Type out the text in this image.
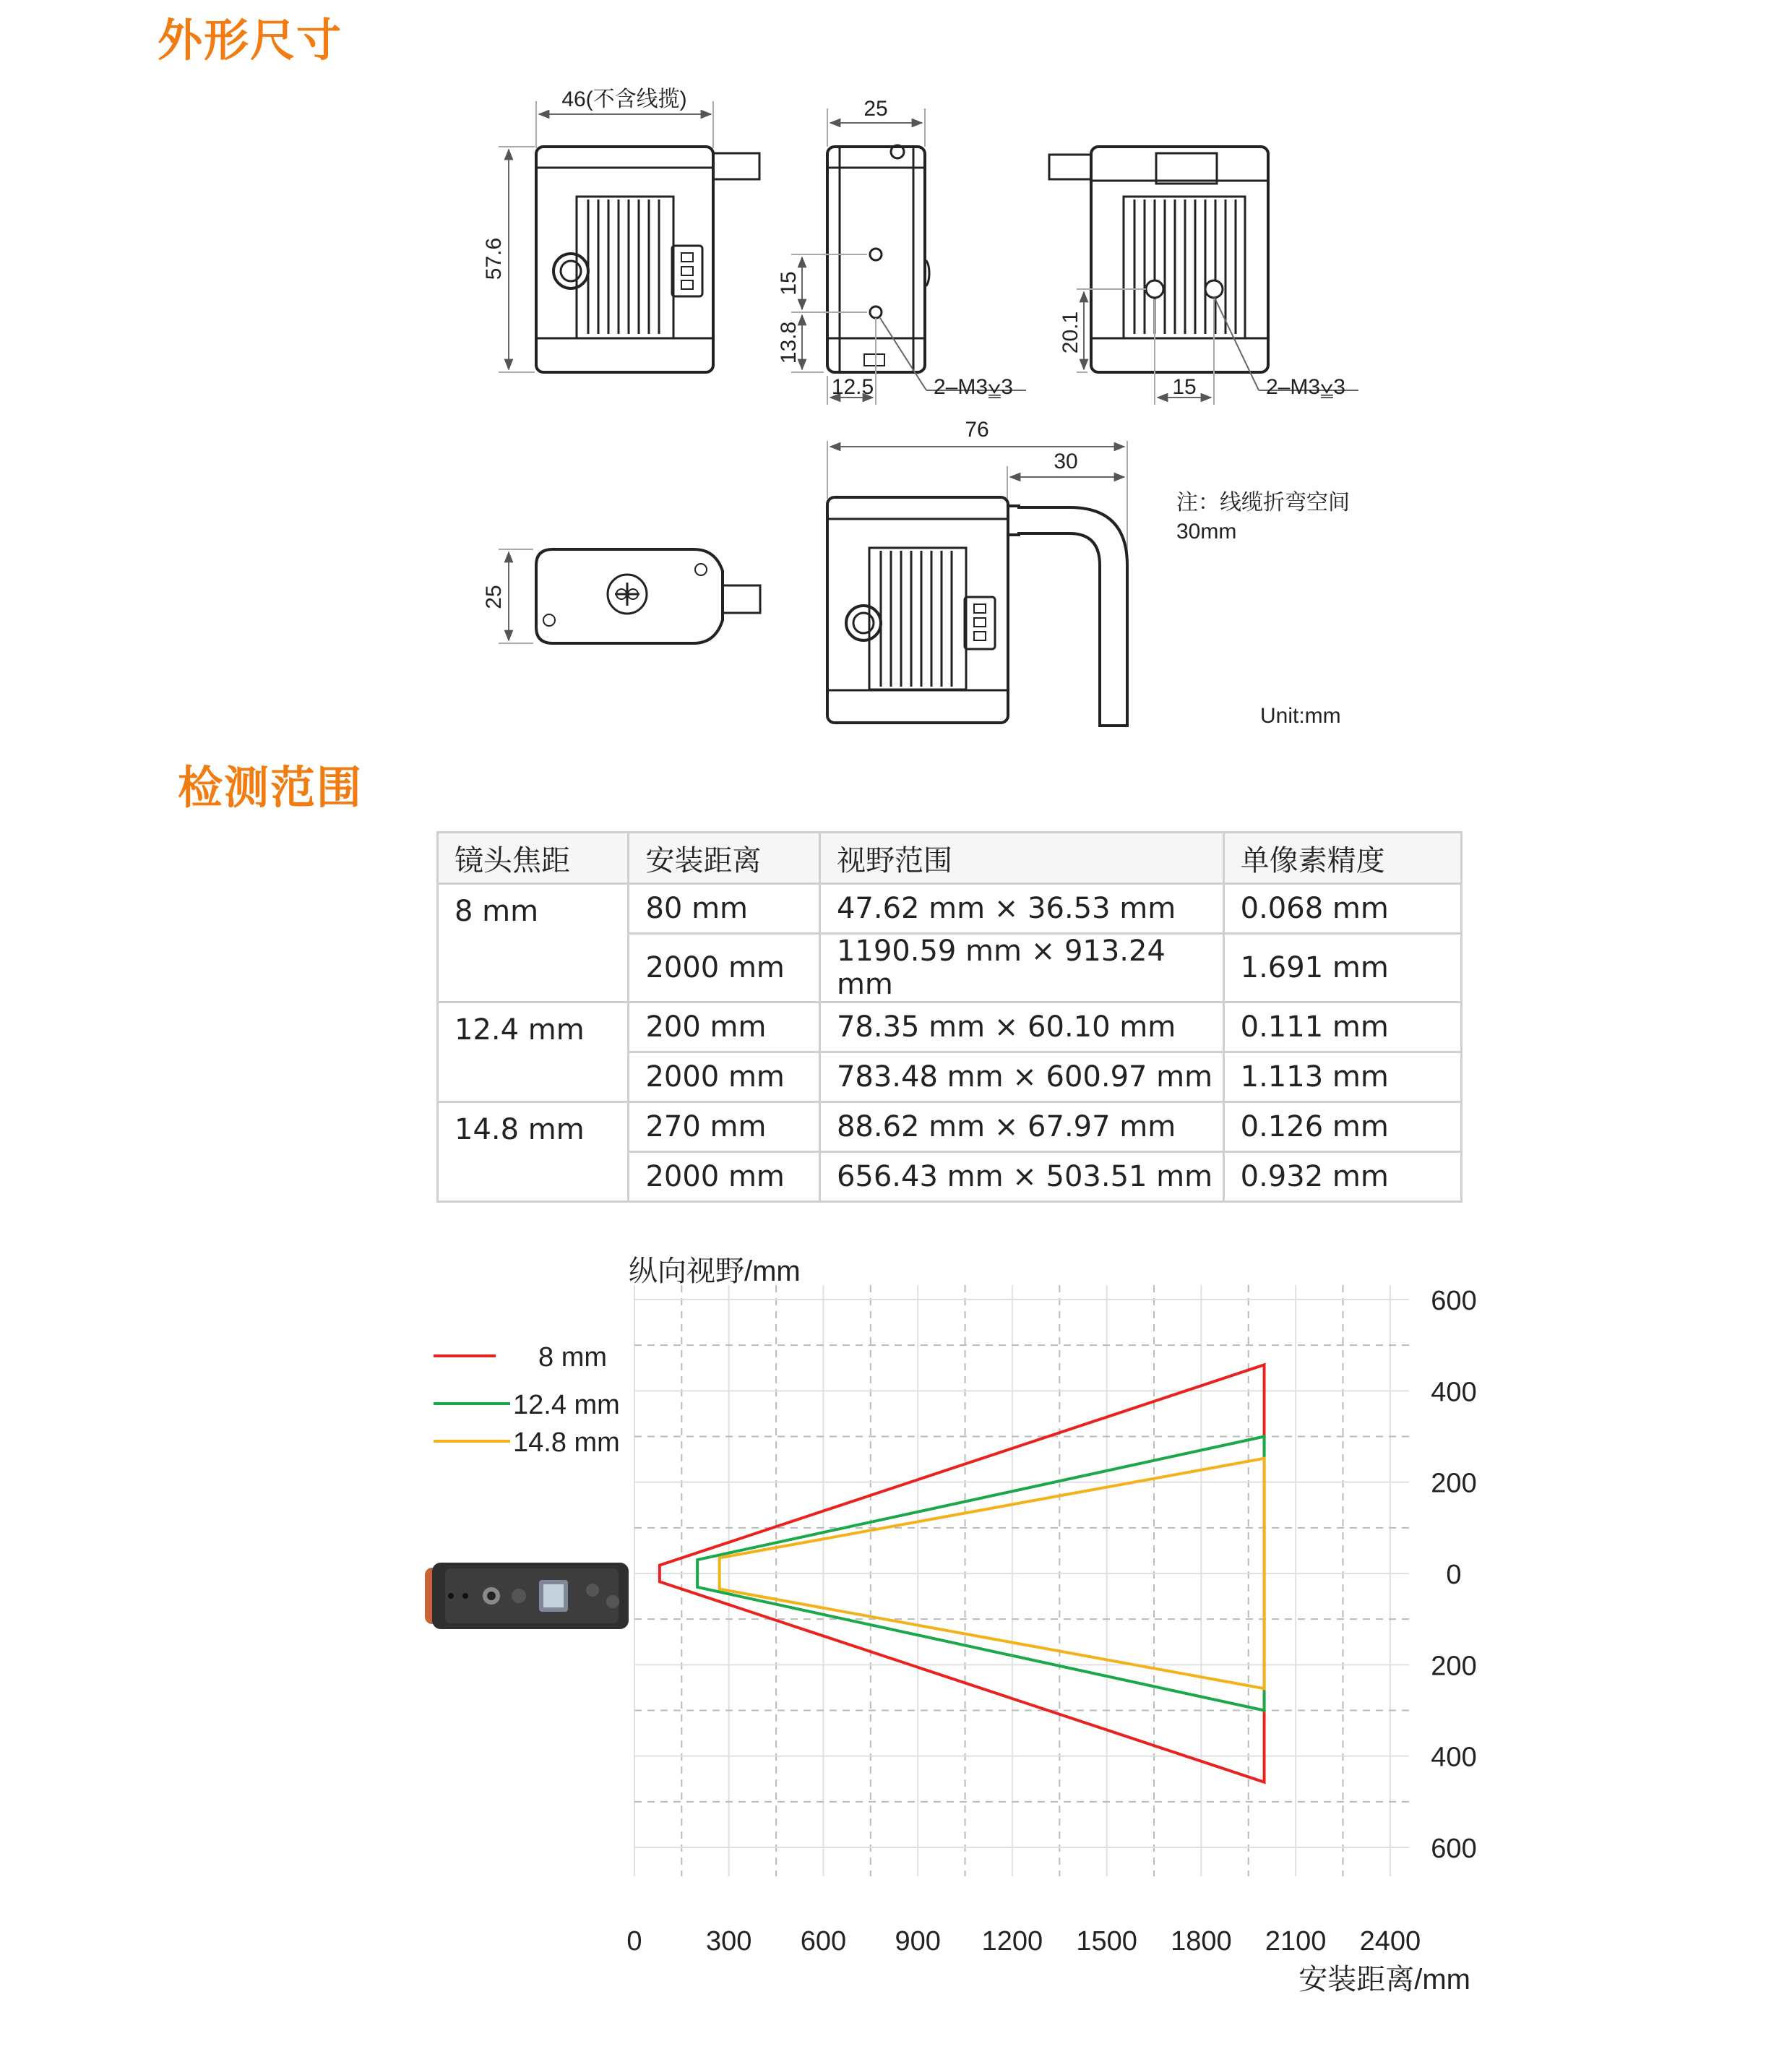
外形尺寸
检测范围
46(不含线揽)
57.6
25
15
13.8
12.5	2–M3⩣3
20.1
15	2–M3⩣3
25
76
30
注：线缆折弯空间
30mm
Unit:mm
镜头焦距	安装距离	视野范围	单像素精度
8 mm	80 mm	47.62 mm × 36.53 mm	0.068 mm
	2000 mm	1190.59 mm × 913.24 mm	1.691 mm
12.4 mm	200 mm	78.35 mm × 60.10 mm	0.111 mm
	2000 mm	783.48 mm × 600.97 mm	1.113 mm
14.8 mm	270 mm	88.62 mm × 67.97 mm	0.126 mm
	2000 mm	656.43 mm × 503.51 mm	0.932 mm
0 300 600 900 1200 1500 1800 2100 2400
600
400
200
0
200
400
600
纵向视野/mm
安装距离/mm
8 mm
12.4 mm
14.8 mm
